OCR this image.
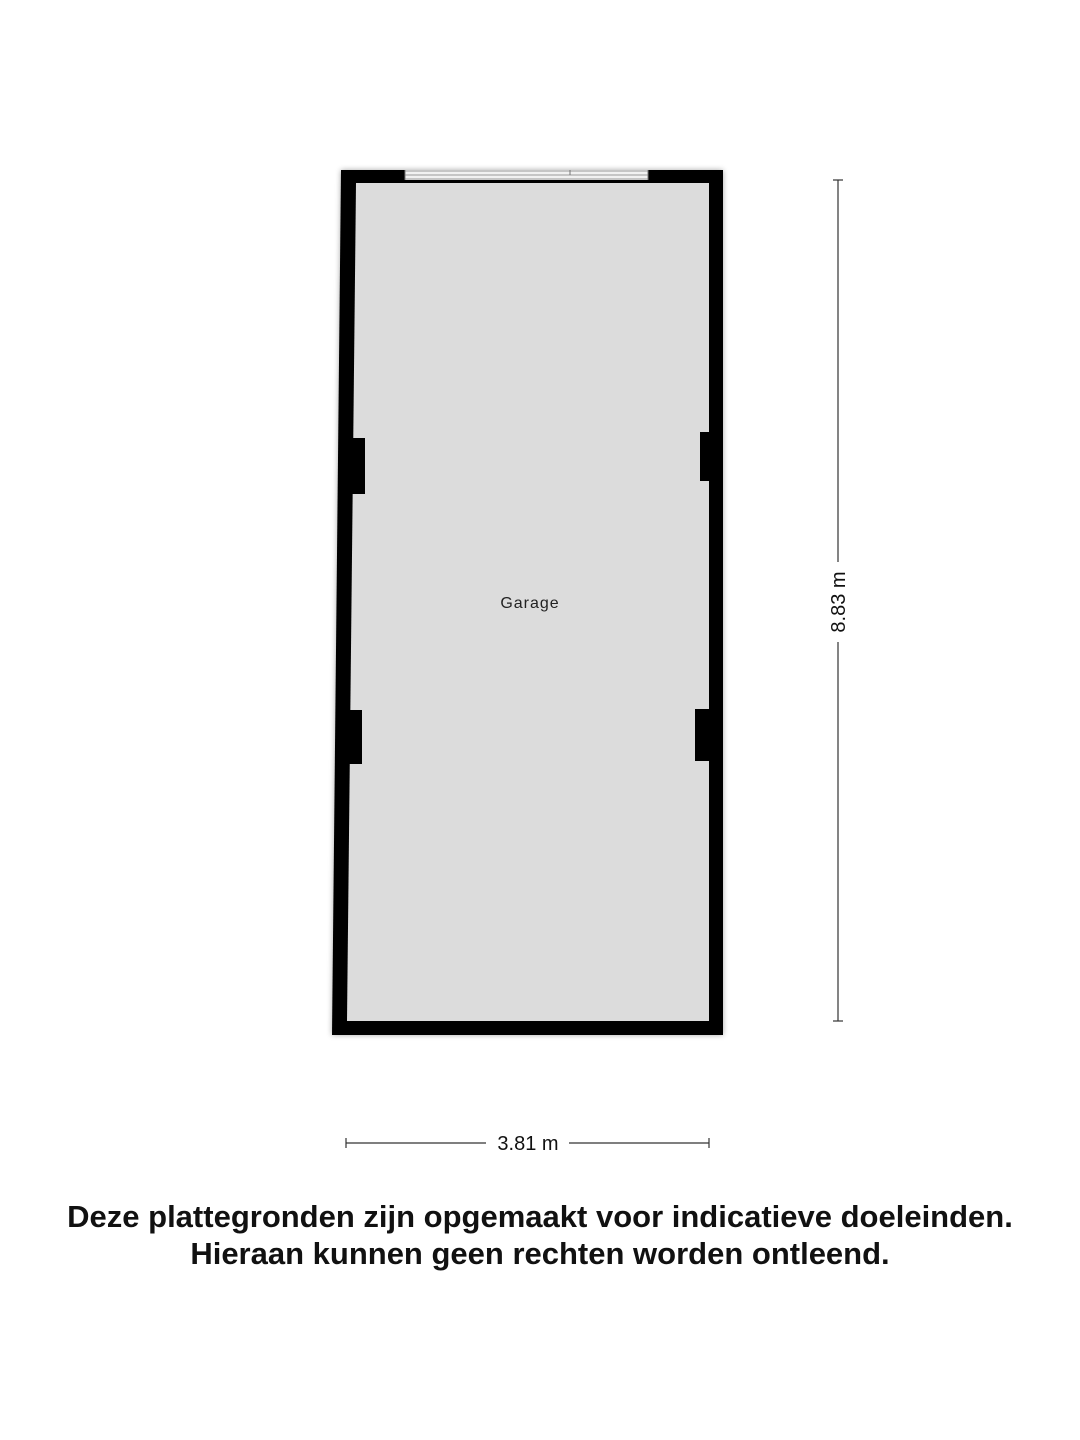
Garage	8.83 m
3.81 m
Deze plattegronden zijn opgemaakt voor indicatieve doeleinden.
Hieraan kunnen geen rechten worden ontleend.
